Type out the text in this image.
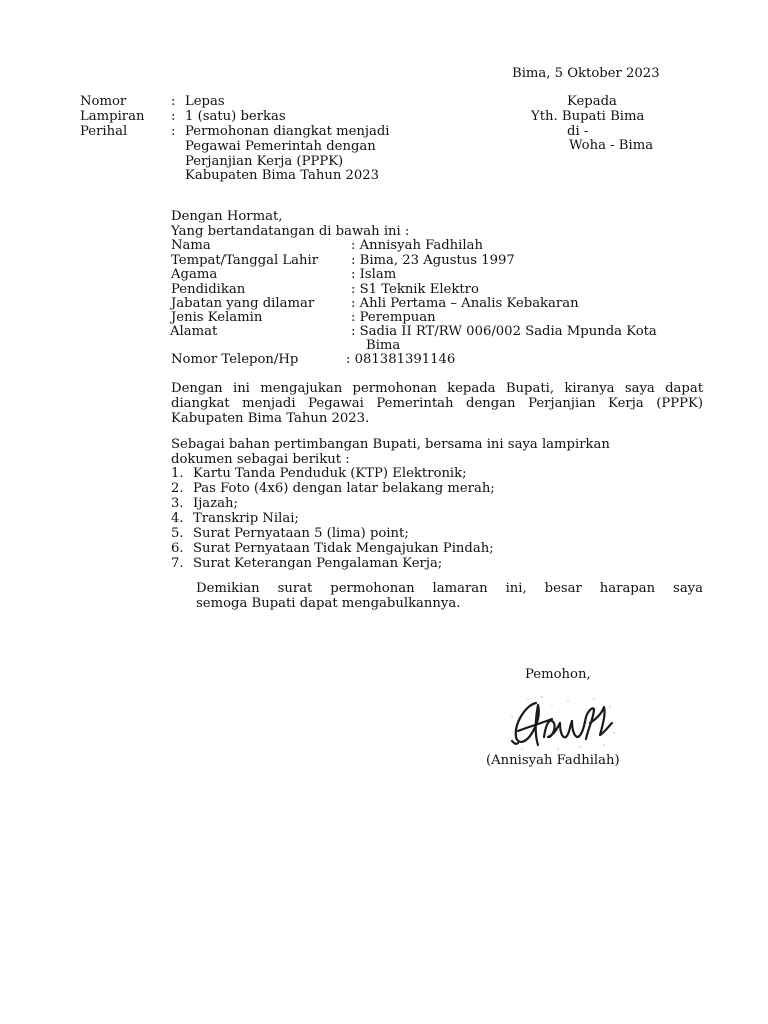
Bima, 5 Oktober 2023
Nomor	: Lepas
Lampiran : 1 (satu) berkas
Perihal	: Permohonan diangkat menjadi
Pegawai Pemerintah dengan
Perjanjian Kerja (PPPK)
Kabupaten Bima Tahun 2023
Kepada
Yth. Bupati Bima
di -
Woha - Bima
Dengan Hormat,
Yang bertandatangan di bawah ini :
Nama	: Annisyah Fadhilah
Tempat/Tanggal Lahir : Bima, 23 Agustus 1997
Agama	: Islam
Pendidikan	: S1 Teknik Elektro
Jabatan yang dilamar	: Ahli Pertama – Analis Kebakaran
Jenis Kelamin	: Perempuan
Alamat	: Sadia II RT/RW 006/002 Sadia Mpunda Kota
Bima
Nomor Telepon/Hp	: 081381391146
Dengan ini mengajukan permohonan kepada Bupati, kiranya saya dapat
diangkat menjadi Pegawai Pemerintah dengan Perjanjian Kerja (PPPK)
Kabupaten Bima Tahun 2023.
Sebagai bahan pertimbangan Bupati, bersama ini saya lampirkan
dokumen sebagai berikut :
1. Kartu Tanda Penduduk (KTP) Elektronik;
2. Pas Foto (4x6) dengan latar belakang merah;
3. Ijazah;
4. Transkrip Nilai;
5. Surat Pernyataan 5 (lima) point;
6. Surat Pernyataan Tidak Mengajukan Pindah;
7. Surat Keterangan Pengalaman Kerja;
Demikian surat permohonan lamaran ini, besar harapan saya
semoga Bupati dapat mengabulkannya.
Pemohon,
(Annisyah Fadhilah)
